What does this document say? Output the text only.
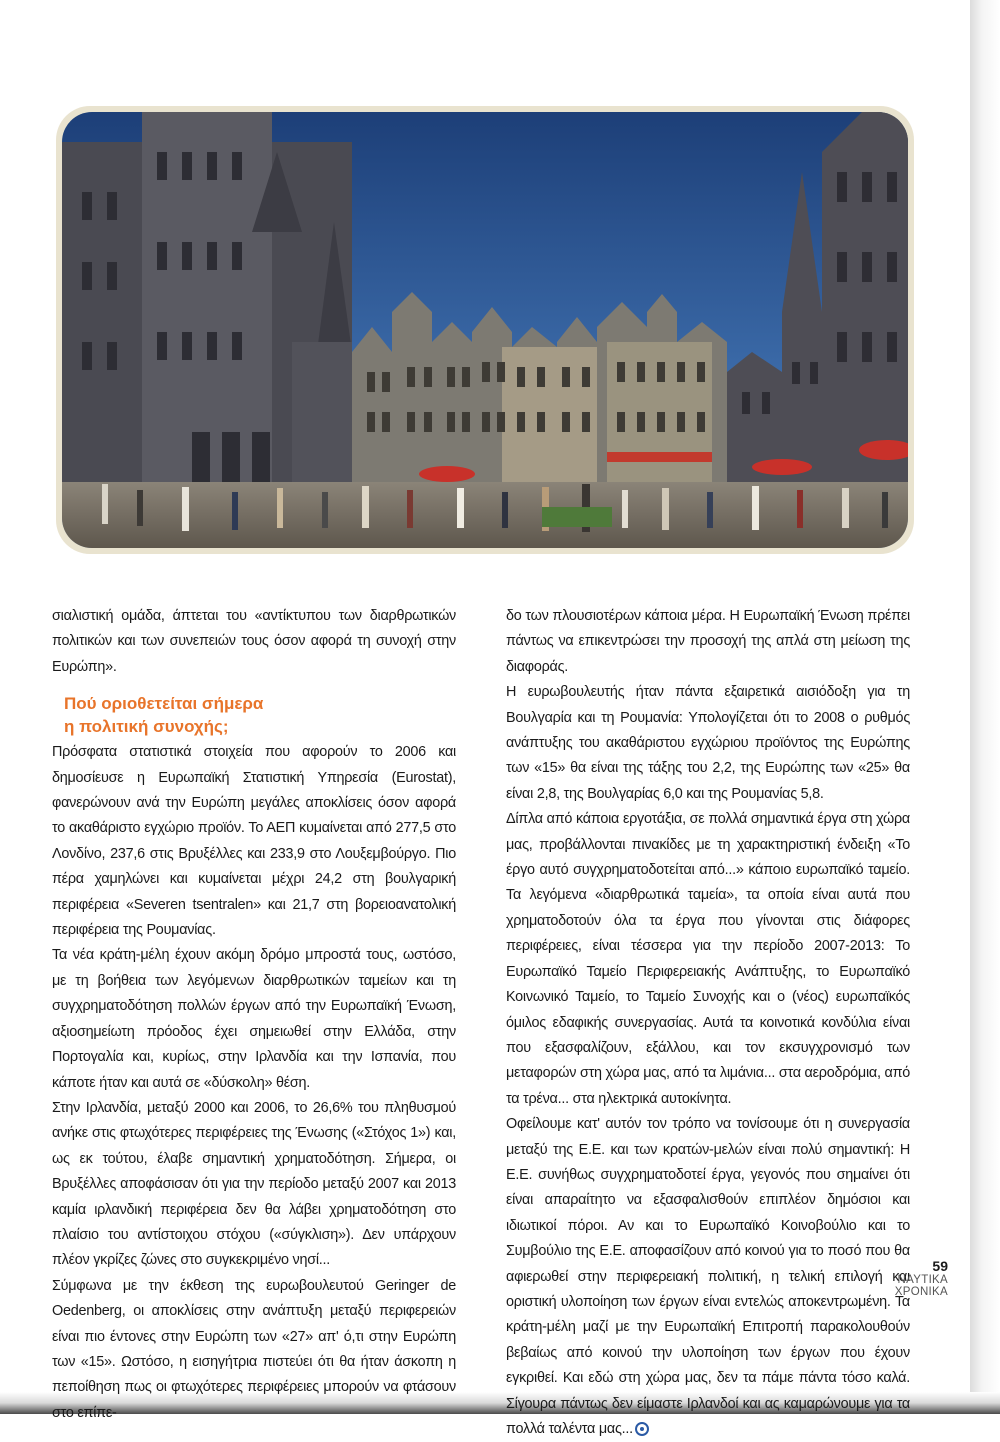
σιαλιστική ομάδα, άπτεται του «αντίκτυπου των διαρθρωτικών πολιτικών και των συνεπειών τους όσον αφορά τη συνοχή στην Ευρώπη».

Πού οριοθετείται σήμερα
η πολιτική συνοχής;

Πρόσφατα στατιστικά στοιχεία που αφορούν το 2006 και δημοσίευσε η Ευρωπαϊκή Στατιστική Υπηρεσία (Eurostat), φανερώνουν ανά την Ευρώπη μεγάλες αποκλίσεις όσον αφορά το ακαθάριστο εγχώριο προϊόν. Το ΑΕΠ κυμαίνεται από 277,5 στο Λονδίνο, 237,6 στις Βρυξέλλες και 233,9 στο Λουξεμβούργο. Πιο πέρα χαμηλώνει και κυμαίνεται μέχρι 24,2 στη βουλγαρική περιφέρεια «Severen tsentralen» και 21,7 στη βορειοανατολική περιφέρεια της Ρουμανίας.

Τα νέα κράτη-μέλη έχουν ακόμη δρόμο μπροστά τους, ωστόσο, με τη βοήθεια των λεγόμενων διαρθρωτικών ταμείων και τη συγχρηματοδότηση πολλών έργων από την Ευρωπαϊκή Ένωση, αξιοσημείωτη πρόοδος έχει σημειωθεί στην Ελλάδα, στην Πορτογαλία και, κυρίως, στην Ιρλανδία και την Ισπανία, που κάποτε ήταν και αυτά σε «δύσκολη» θέση.

Στην Ιρλανδία, μεταξύ 2000 και 2006, το 26,6% του πληθυσμού ανήκε στις φτωχότερες περιφέρειες της Ένωσης («Στόχος 1») και, ως εκ τούτου, έλαβε σημαντική χρηματοδότηση. Σήμερα, οι Βρυξέλλες αποφάσισαν ότι για την περίοδο μεταξύ 2007 και 2013 καμία ιρλανδική περιφέρεια δεν θα λάβει χρηματοδότηση στο πλαίσιο του αντίστοιχου στόχου («σύγκλιση»). Δεν υπάρχουν πλέον γκρίζες ζώνες στο συγκεκριμένο νησί...

Σύμφωνα με την έκθεση της ευρωβουλευτού Geringer de Oedenberg, οι αποκλίσεις στην ανάπτυξη μεταξύ περιφερειών είναι πιο έντονες στην Ευρώπη των «27» απ' ό,τι στην Ευρώπη των «15». Ωστόσο, η εισηγήτρια πιστεύει ότι θα ήταν άσκοπη η πεποίθηση πως οι φτωχότερες περιφέρειες μπορούν να φτάσουν στο επίπε-

δο των πλουσιοτέρων κάποια μέρα. Η Ευρωπαϊκή Ένωση πρέπει πάντως να επικεντρώσει την προσοχή της απλά στη μείωση της διαφοράς.

Η ευρωβουλευτής ήταν πάντα εξαιρετικά αισιόδοξη για τη Βουλγαρία και τη Ρουμανία: Υπολογίζεται ότι το 2008 ο ρυθμός ανάπτυξης του ακαθάριστου εγχώριου προϊόντος της Ευρώπης των «15» θα είναι της τάξης του 2,2, της Ευρώπης των «25» θα είναι 2,8, της Βουλγαρίας 6,0 και της Ρουμανίας 5,8.

Δίπλα από κάποια εργοτάξια, σε πολλά σημαντικά έργα στη χώρα μας, προβάλλονται πινακίδες με τη χαρακτηριστική ένδειξη «Το έργο αυτό συγχρηματοδοτείται από...» κάποιο ευρωπαϊκό ταμείο. Τα λεγόμενα «διαρθρωτικά ταμεία», τα οποία είναι αυτά που χρηματοδοτούν όλα τα έργα που γίνονται στις διάφορες περιφέρειες, είναι τέσσερα για την περίοδο 2007-2013: Το Ευρωπαϊκό Ταμείο Περιφερειακής Ανάπτυξης, το Ευρωπαϊκό Κοινωνικό Ταμείο, το Ταμείο Συνοχής και ο (νέος) ευρωπαϊκός όμιλος εδαφικής συνεργασίας. Αυτά τα κοινοτικά κονδύλια είναι που εξασφαλίζουν, εξάλλου, και τον εκσυγχρονισμό των μεταφορών στη χώρα μας, από τα λιμάνια... στα αεροδρόμια, από τα τρένα... στα ηλεκτρικά αυτοκίνητα.

Οφείλουμε κατ' αυτόν τον τρόπο να τονίσουμε ότι η συνεργασία μεταξύ της Ε.Ε. και των κρατών-μελών είναι πολύ σημαντική: Η Ε.Ε. συνήθως συγχρηματοδοτεί έργα, γεγονός που σημαίνει ότι είναι απαραίτητο να εξασφαλισθούν επιπλέον δημόσιοι και ιδιωτικοί πόροι. Αν και το Ευρωπαϊκό Κοινοβούλιο και το Συμβούλιο της Ε.Ε. αποφασίζουν από κοινού για το ποσό που θα αφιερωθεί στην περιφερειακή πολιτική, η τελική επιλογή και οριστική υλοποίηση των έργων είναι εντελώς αποκεντρωμένη. Τα κράτη-μέλη μαζί με την Ευρωπαϊκή Επιτροπή παρακολουθούν βεβαίως από κοινού την υλοποίηση των έργων που έχουν εγκριθεί. Και εδώ στη χώρα μας, δεν τα πάμε πάντα τόσο καλά. Σίγουρα πάντως δεν είμαστε Ιρλανδοί και ας καμαρώνουμε για τα πολλά ταλέντα μας...

59
ΝΑΥΤΙΚΑ
ΧΡΟΝΙΚΑ
